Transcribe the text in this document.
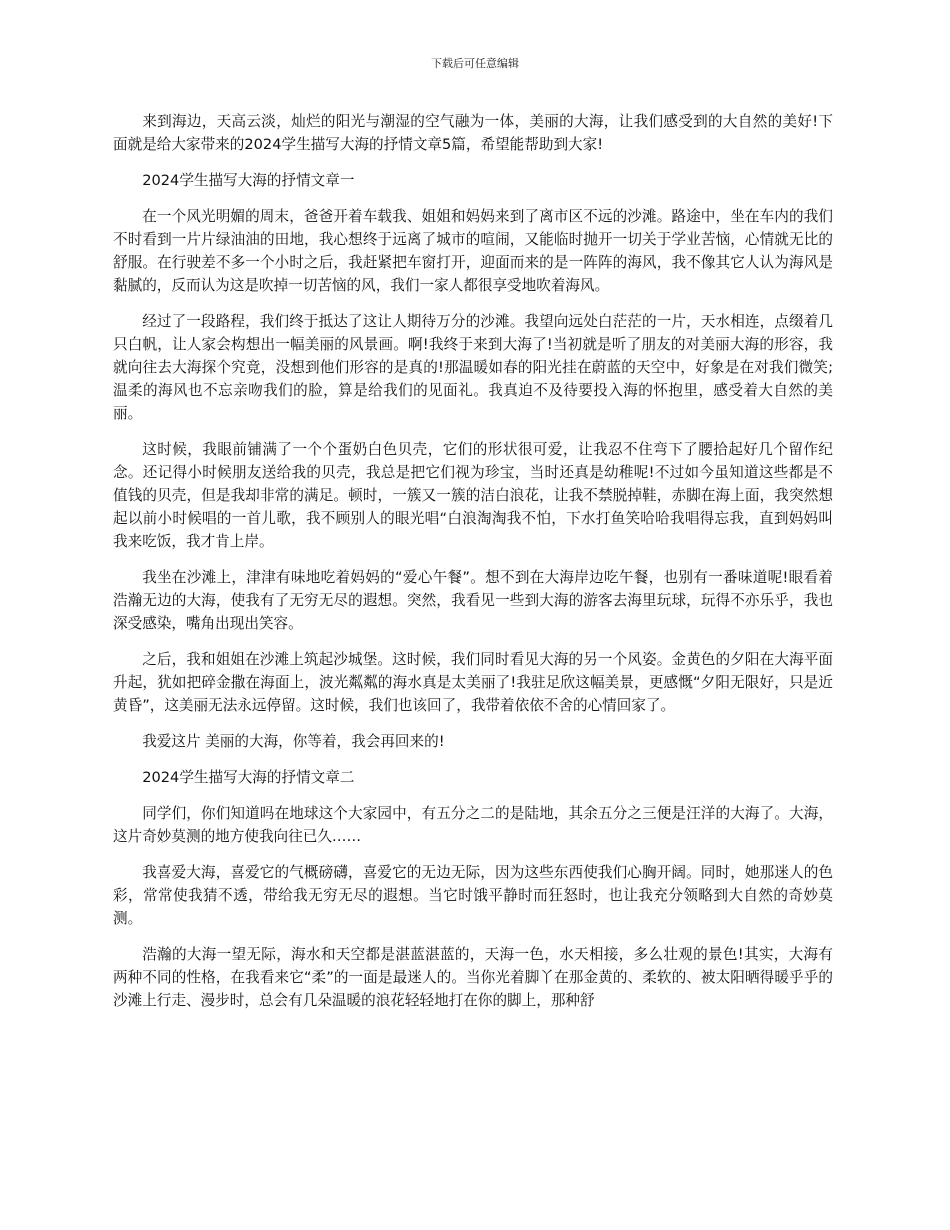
下载后可任意编辑

来到海边，天高云淡，灿烂的阳光与潮湿的空气融为一体，美丽的大海，让我们感受到的大自然的美好!下面就是给大家带来的2024学生描写大海的抒情文章5篇，希望能帮助到大家!

2024学生描写大海的抒情文章一

在一个风光明媚的周末，爸爸开着车载我、姐姐和妈妈来到了离市区不远的沙滩。路途中，坐在车内的我们不时看到一片片绿油油的田地，我心想终于远离了城市的喧闹，又能临时抛开一切关于学业苦恼，心情就无比的舒服。在行驶差不多一个小时之后，我赶紧把车窗打开，迎面而来的是一阵阵的海风，我不像其它人认为海风是黏腻的，反而认为这是吹掉一切苦恼的风，我们一家人都很享受地吹着海风。

经过了一段路程，我们终于抵达了这让人期待万分的沙滩。我望向远处白茫茫的一片，天水相连，点缀着几只白帆，让人家会构想出一幅美丽的风景画。啊!我终于来到大海了!当初就是听了朋友的对美丽大海的形容，我就向往去大海探个究竟，没想到他们形容的是真的!那温暖如春的阳光挂在蔚蓝的天空中，好象是在对我们微笑;温柔的海风也不忘亲吻我们的脸，算是给我们的见面礼。我真迫不及待要投入海的怀抱里，感受着大自然的美丽。

这时候，我眼前铺满了一个个蛋奶白色贝壳，它们的形状很可爱，让我忍不住弯下了腰拾起好几个留作纪念。还记得小时候朋友送给我的贝壳，我总是把它们视为珍宝，当时还真是幼稚呢!不过如今虽知道这些都是不值钱的贝壳，但是我却非常的满足。顿时，一簇又一簇的洁白浪花，让我不禁脱掉鞋，赤脚在海上面，我突然想起以前小时候唱的一首儿歌，我不顾别人的眼光唱“白浪淘淘我不怕，下水打鱼笑哈哈我唱得忘我，直到妈妈叫我来吃饭，我才肯上岸。

我坐在沙滩上，津津有味地吃着妈妈的“爱心午餐”。想不到在大海岸边吃午餐，也别有一番味道呢!眼看着浩瀚无边的大海，使我有了无穷无尽的遐想。突然，我看见一些到大海的游客去海里玩球，玩得不亦乐乎，我也深受感染，嘴角出现出笑容。

之后，我和姐姐在沙滩上筑起沙城堡。这时候，我们同时看见大海的另一个风姿。金黄色的夕阳在大海平面升起，犹如把碎金撒在海面上，波光粼粼的海水真是太美丽了!我驻足欣这幅美景，更感慨“夕阳无限好，只是近黄昏”，这美丽无法永远停留。这时候，我们也该回了，我带着依依不舍的心情回家了。

我爱这片 美丽的大海，你等着，我会再回来的!

2024学生描写大海的抒情文章二

同学们，你们知道吗在地球这个大家园中，有五分之二的是陆地，其余五分之三便是汪洋的大海了。大海，这片奇妙莫测的地方使我向往已久……

我喜爱大海，喜爱它的气概磅礴，喜爱它的无边无际，因为这些东西使我们心胸开阔。同时，她那迷人的色彩，常常使我猜不透，带给我无穷无尽的遐想。当它时饿平静时而狂怒时，也让我充分领略到大自然的奇妙莫测。

浩瀚的大海一望无际，海水和天空都是湛蓝湛蓝的，天海一色，水天相接，多么壮观的景色!其实，大海有两种不同的性格，在我看来它“柔”的一面是最迷人的。当你光着脚丫在那金黄的、柔软的、被太阳晒得暖乎乎的沙滩上行走、漫步时，总会有几朵温暖的浪花轻轻地打在你的脚上，那种舒
